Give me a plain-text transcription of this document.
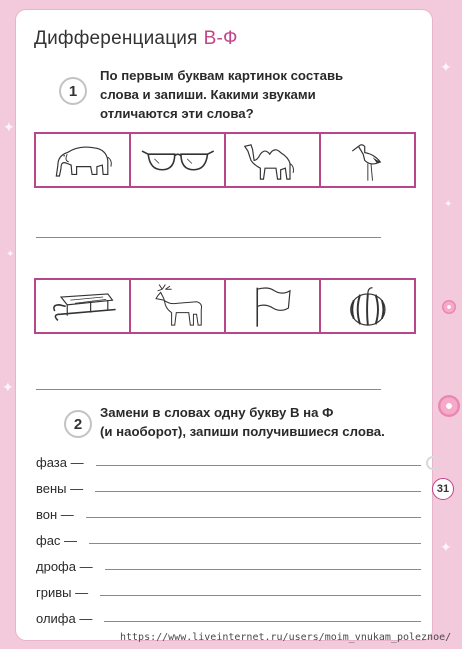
✦
✦
✦
✦
✦
✦
Дифференциация В-Ф
1
По первым буквам картинок составь
слова и запиши. Какими звуками
отличаются эти слова?
2
Замени в словах одну букву В на Ф
(и наоборот), запиши получившиеся слова.
фаза —
вены —
вон —
фас —
дрофа —
гривы —
олифа —
31
https://www.liveinternet.ru/users/moim_vnukam_poleznoe/
